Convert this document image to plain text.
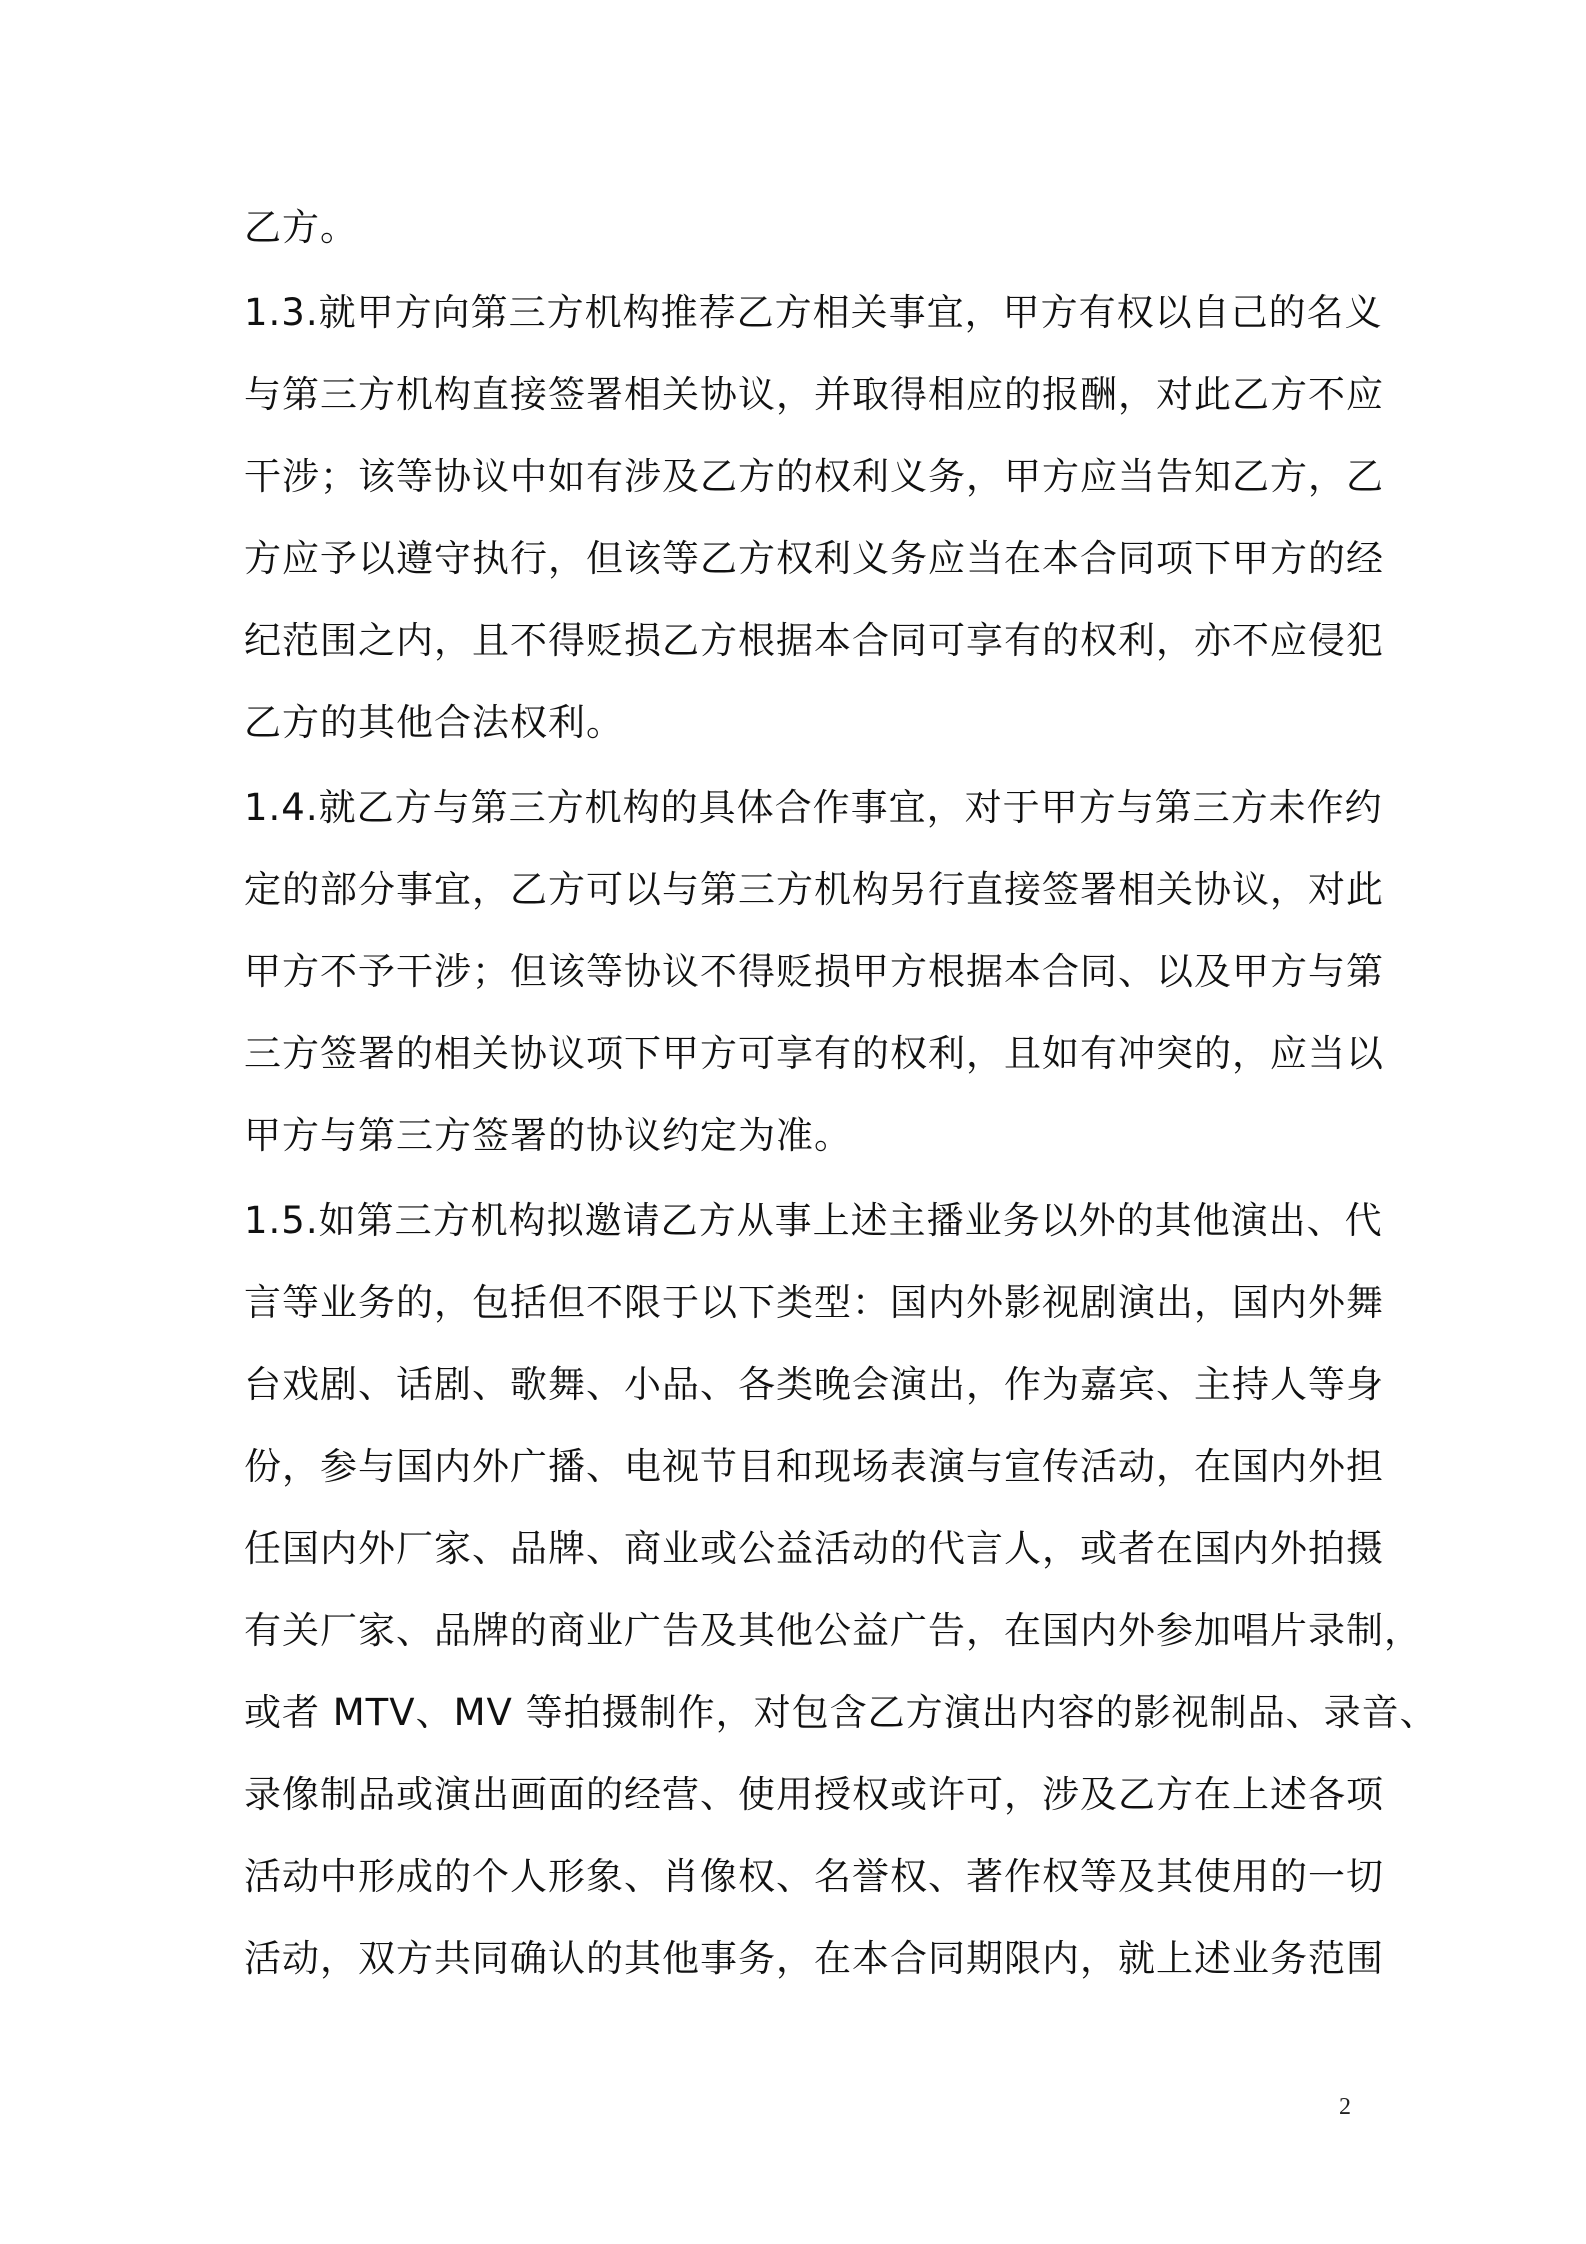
乙方。
1.3.就甲方向第三方机构推荐乙方相关事宜，甲方有权以自己的名义
与第三方机构直接签署相关协议，并取得相应的报酬，对此乙方不应
干涉；该等协议中如有涉及乙方的权利义务，甲方应当告知乙方，乙
方应予以遵守执行，但该等乙方权利义务应当在本合同项下甲方的经
纪范围之内，且不得贬损乙方根据本合同可享有的权利，亦不应侵犯
乙方的其他合法权利。
1.4.就乙方与第三方机构的具体合作事宜，对于甲方与第三方未作约
定的部分事宜，乙方可以与第三方机构另行直接签署相关协议，对此
甲方不予干涉；但该等协议不得贬损甲方根据本合同、以及甲方与第
三方签署的相关协议项下甲方可享有的权利，且如有冲突的，应当以
甲方与第三方签署的协议约定为准。
1.5.如第三方机构拟邀请乙方从事上述主播业务以外的其他演出、代
言等业务的，包括但不限于以下类型：国内外影视剧演出，国内外舞
台戏剧、话剧、歌舞、小品、各类晚会演出，作为嘉宾、主持人等身
份，参与国内外广播、电视节目和现场表演与宣传活动，在国内外担
任国内外厂家、品牌、商业或公益活动的代言人，或者在国内外拍摄
有关厂家、品牌的商业广告及其他公益广告，在国内外参加唱片录制，
或者 MTV、MV 等拍摄制作，对包含乙方演出内容的影视制品、录音、
录像制品或演出画面的经营、使用授权或许可，涉及乙方在上述各项
活动中形成的个人形象、肖像权、名誉权、著作权等及其使用的一切
活动，双方共同确认的其他事务，在本合同期限内，就上述业务范围
2
